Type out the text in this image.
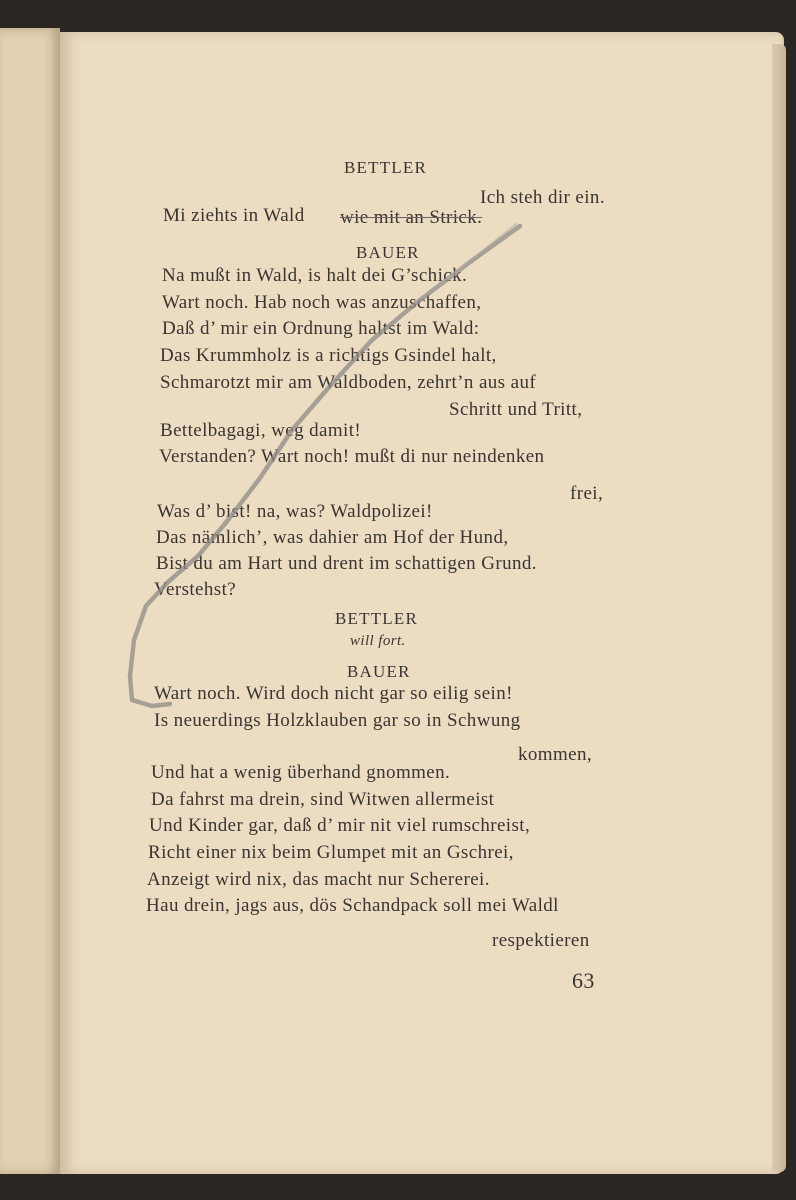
BETTLER
Ich steh dir ein.
Mi ziehts in Wald wie mit an Strick.
BAUER
Na mußt in Wald, is halt dei G’schick.
Wart noch. Hab noch was anzuschaffen,
Daß d’ mir ein Ordnung haltst im Wald:
Das Krummholz is a richtigs Gsindel halt,
Schmarotzt mir am Waldboden, zehrt’n aus auf
Schritt und Tritt,
Bettelbagagi, weg damit!
Verstanden? Wart noch! mußt di nur neindenken
frei,
Was d’ bist! na, was? Waldpolizei!
Das nämlich’, was dahier am Hof der Hund,
Bist du am Hart und drent im schattigen Grund.
Verstehst?
BETTLER
will fort.
BAUER
Wart noch. Wird doch nicht gar so eilig sein!
Is neuerdings Holzklauben gar so in Schwung
kommen,
Und hat a wenig überhand gnommen.
Da fahrst ma drein, sind Witwen allermeist
Und Kinder gar, daß d’ mir nit viel rumschreist,
Richt einer nix beim Glumpet mit an Gschrei,
Anzeigt wird nix, das macht nur Schererei.
Hau drein, jags aus, dös Schandpack soll mei Waldl
respektieren
63
